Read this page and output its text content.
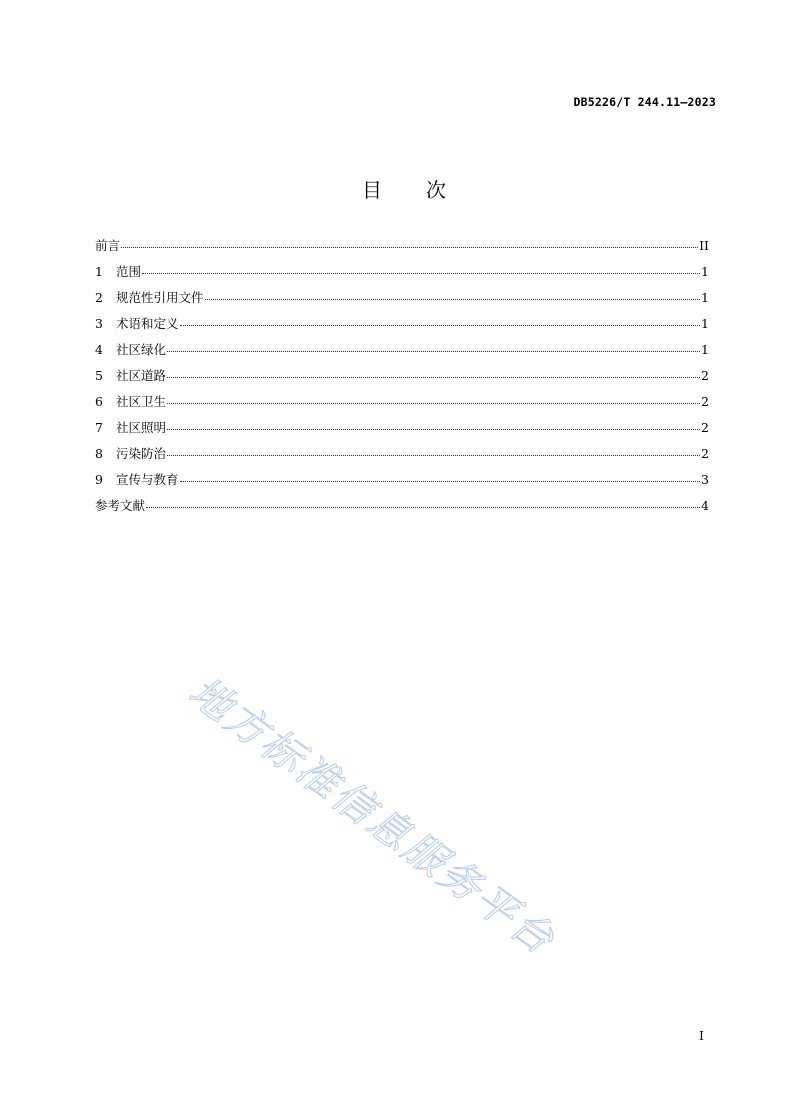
DB5226/T 244.11—2023
目 次
前言	II
1	范围	1
2	规范性引用文件	1
3	术语和定义	1
4	社区绿化	1
5	社区道路	2
6	社区卫生	2
7	社区照明	2
8	污染防治	2
9	宣传与教育	3
参考文献	4
地方标准信息服务平台
I
